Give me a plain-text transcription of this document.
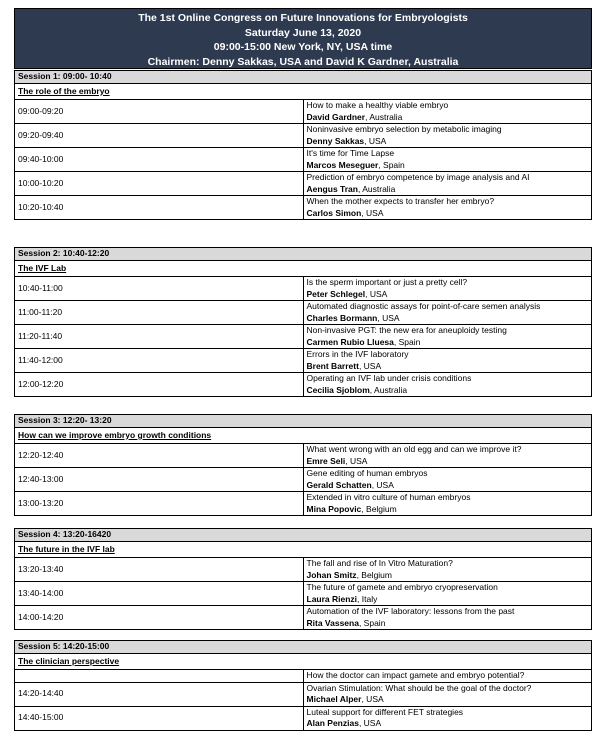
The 1st Online Congress on Future Innovations for Embryologists
Saturday June 13, 2020
09:00-15:00 New York, NY, USA time
Chairmen: Denny Sakkas, USA and David K Gardner, Australia
Session 1: 09:00- 10:40	
The role of the embryo	
09:00-09:20	How to make a healthy viable embryo
David Gardner, Australia

09:20-09:40	Noninvasive embryo selection by metabolic imaging
Denny Sakkas, USA

09:40-10:00	It's time for Time Lapse
Marcos Meseguer, Spain

10:00-10:20	Prediction of embryo competence by image analysis and AI
Aengus Tran, Australia

10:20-10:40	When the mother expects to transfer her embryo?
Carlos Simon, USA
Session 2: 10:40-12:20	
The IVF Lab	
10:40-11:00	Is the sperm important or just a pretty cell?
Peter Schlegel, USA

11:00-11:20	Automated diagnostic assays for point-of-care semen analysis
Charles Bormann, USA

11:20-11:40	Non-invasive PGT: the new era for aneuploidy testing
Carmen Rubio Lluesa, Spain

11:40-12:00	Errors in the IVF laboratory
Brent Barrett, USA

12:00-12:20	Operating an IVF lab under crisis conditions
Cecilia Sjoblom, Australia
Session 3: 12:20- 13:20	
How can we improve embryo growth conditions	
12:20-12:40	What went wrong with an old egg and can we improve it?
Emre Seli, USA

12:40-13:00	Gene editing of human embryos
Gerald Schatten, USA

13:00-13:20	Extended in vitro culture of human embryos
Mina Popovic, Belgium
Session 4: 13:20-16420	
The future in the IVF lab	
13:20-13:40	The fall and rise of In Vitro Maturation?
Johan Smitz, Belgium

13:40-14:00	The future of gamete and embryo cryopreservation
Laura Rienzi, Italy

14:00-14:20	Automation of the IVF laboratory: lessons from the past
Rita Vassena, Spain
Session 5: 14:20-15:00	
The clinician perspective	

	How the doctor can impact gamete and embryo potential?

14:20-14:40	Ovarian Stimulation: What should be the goal of the doctor?
Michael Alper, USA

14:40-15:00	Luteal support for different FET strategies
Alan Penzias, USA
